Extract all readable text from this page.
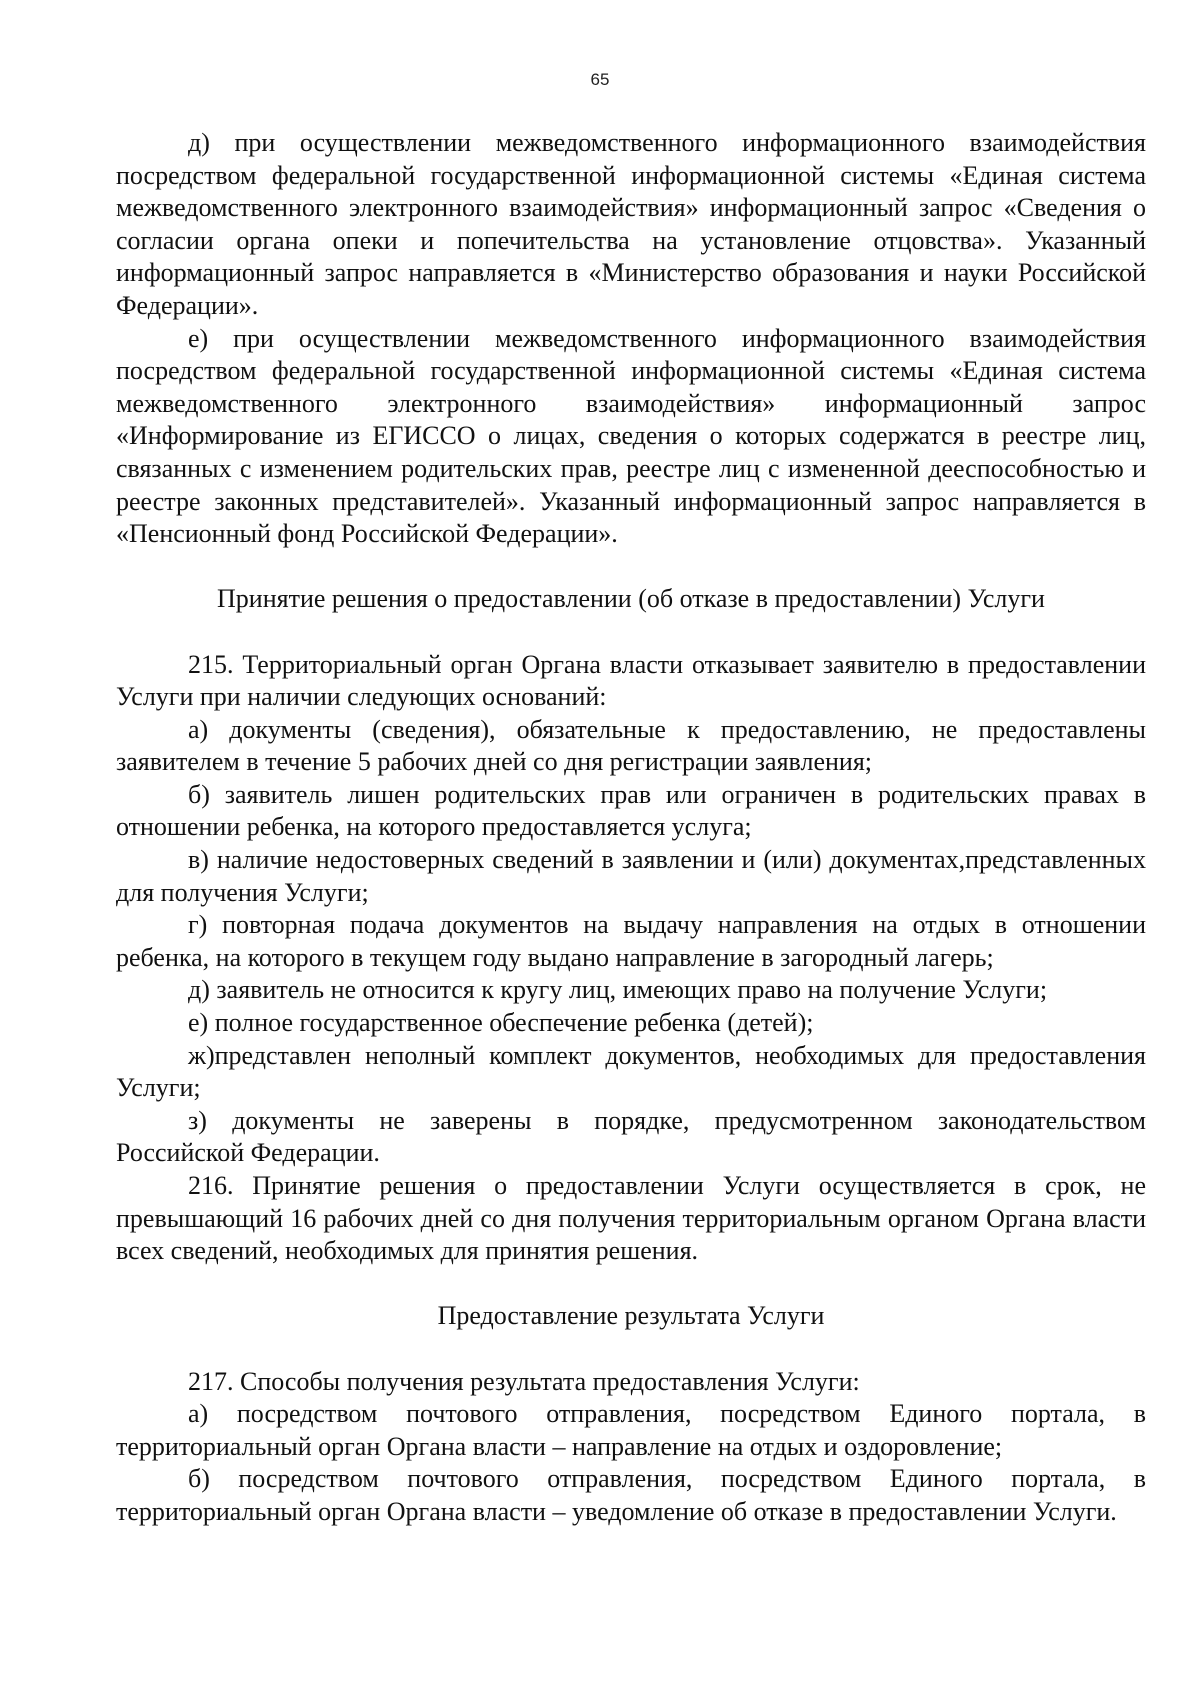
65

д) при осуществлении межведомственного информационного взаимодействия посредством федеральной государственной информационной системы «Единая система межведомственного электронного взаимодействия» информационный запрос «Сведения о согласии органа опеки и попечительства на установление отцовства». Указанный информационный запрос направляется в «Министерство образования и науки Российской Федерации».

е) при осуществлении межведомственного информационного взаимодействия посредством федеральной государственной информационной системы «Единая система межведомственного электронного взаимодействия» информационный запрос «Информирование из ЕГИССО о лицах, сведения о которых содержатся в реестре лиц, связанных с изменением родительских прав, реестре лиц с измененной дееспособностью и реестре законных представителей». Указанный информационный запрос направляется в «Пенсионный фонд Российской Федерации».

Принятие решения о предоставлении (об отказе в предоставлении) Услуги

215. Территориальный орган Органа власти отказывает заявителю в предоставлении Услуги при наличии следующих оснований:

а) документы (сведения), обязательные к предоставлению, не предоставлены заявителем в течение 5 рабочих дней со дня регистрации заявления;

б) заявитель лишен родительских прав или ограничен в родительских правах в отношении ребенка, на которого предоставляется услуга;

в) наличие недостоверных сведений в заявлении и (или) документах,представленных для получения Услуги;

г) повторная подача документов на выдачу направления на отдых в отношении ребенка, на которого в текущем году выдано направление в загородный лагерь;

д) заявитель не относится к кругу лиц, имеющих право на получение Услуги;

е) полное государственное обеспечение ребенка (детей);

ж)представлен неполный комплект документов, необходимых для предоставления Услуги;

з) документы не заверены в порядке, предусмотренном законодательством Российской Федерации.

216. Принятие решения о предоставлении Услуги осуществляется в срок, не превышающий 16 рабочих дней со дня получения территориальным органом Органа власти всех сведений, необходимых для принятия решения.

Предоставление результата Услуги

217. Способы получения результата предоставления Услуги:

а) посредством почтового отправления, посредством Единого портала, в территориальный орган Органа власти – направление на отдых и оздоровление;

б) посредством почтового отправления, посредством Единого портала, в территориальный орган Органа власти – уведомление об отказе в предоставлении Услуги.
